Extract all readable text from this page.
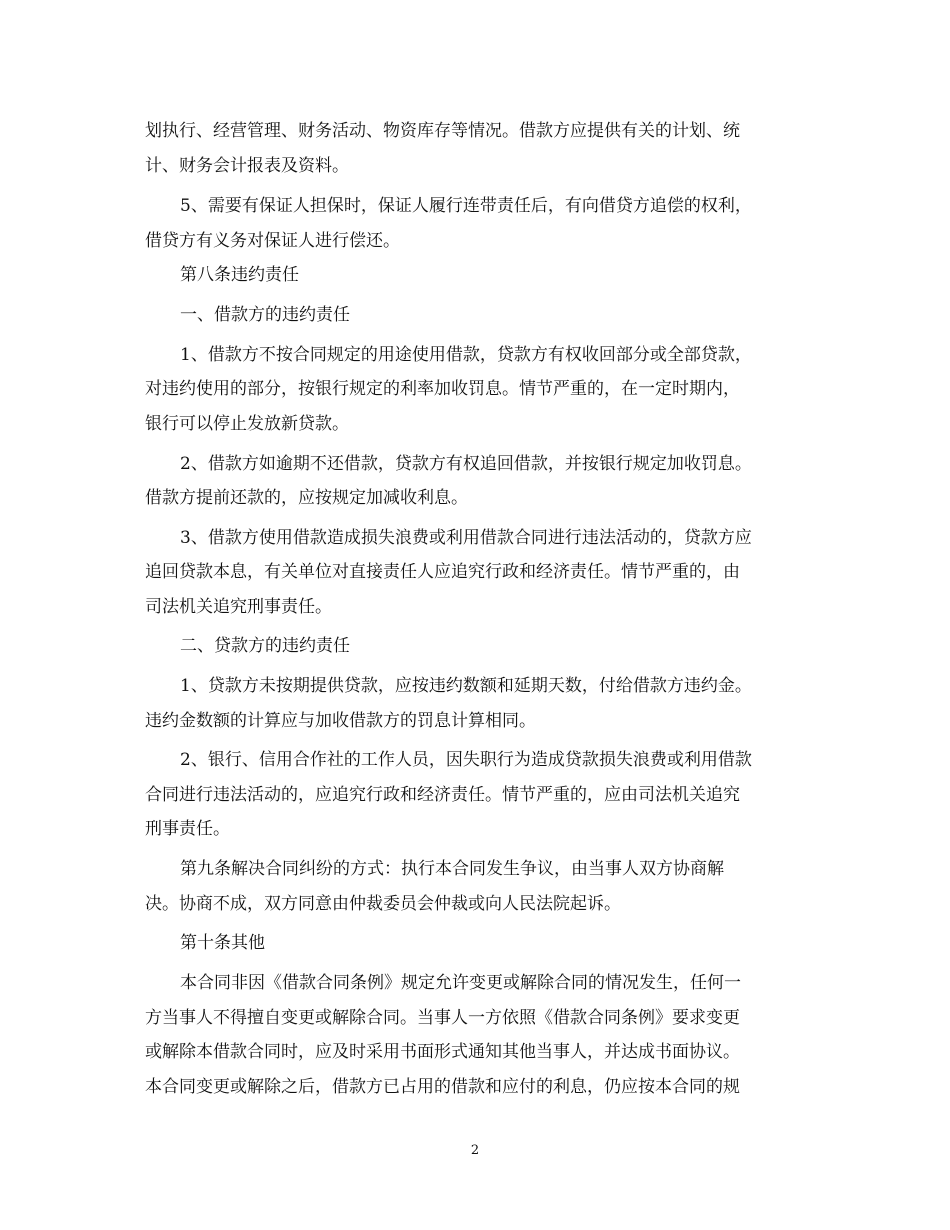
划执行、经营管理、财务活动、物资库存等情况。借款方应提供有关的计划、统
计、财务会计报表及资料。
5、需要有保证人担保时，保证人履行连带责任后，有向借贷方追偿的权利，
借贷方有义务对保证人进行偿还。
第八条违约责任
一、借款方的违约责任
1、借款方不按合同规定的用途使用借款，贷款方有权收回部分或全部贷款，
对违约使用的部分，按银行规定的利率加收罚息。情节严重的，在一定时期内，
银行可以停止发放新贷款。
2、借款方如逾期不还借款，贷款方有权追回借款，并按银行规定加收罚息。
借款方提前还款的，应按规定加减收利息。
3、借款方使用借款造成损失浪费或利用借款合同进行违法活动的，贷款方应
追回贷款本息，有关单位对直接责任人应追究行政和经济责任。情节严重的，由
司法机关追究刑事责任。
二、贷款方的违约责任
1、贷款方未按期提供贷款，应按违约数额和延期天数，付给借款方违约金。
违约金数额的计算应与加收借款方的罚息计算相同。
2、银行、信用合作社的工作人员，因失职行为造成贷款损失浪费或利用借款
合同进行违法活动的，应追究行政和经济责任。情节严重的，应由司法机关追究
刑事责任。
第九条解决合同纠纷的方式：执行本合同发生争议，由当事人双方协商解
决。协商不成，双方同意由仲裁委员会仲裁或向人民法院起诉。
第十条其他
本合同非因《借款合同条例》规定允许变更或解除合同的情况发生，任何一
方当事人不得擅自变更或解除合同。当事人一方依照《借款合同条例》要求变更
或解除本借款合同时，应及时采用书面形式通知其他当事人，并达成书面协议。
本合同变更或解除之后，借款方已占用的借款和应付的利息，仍应按本合同的规
2
